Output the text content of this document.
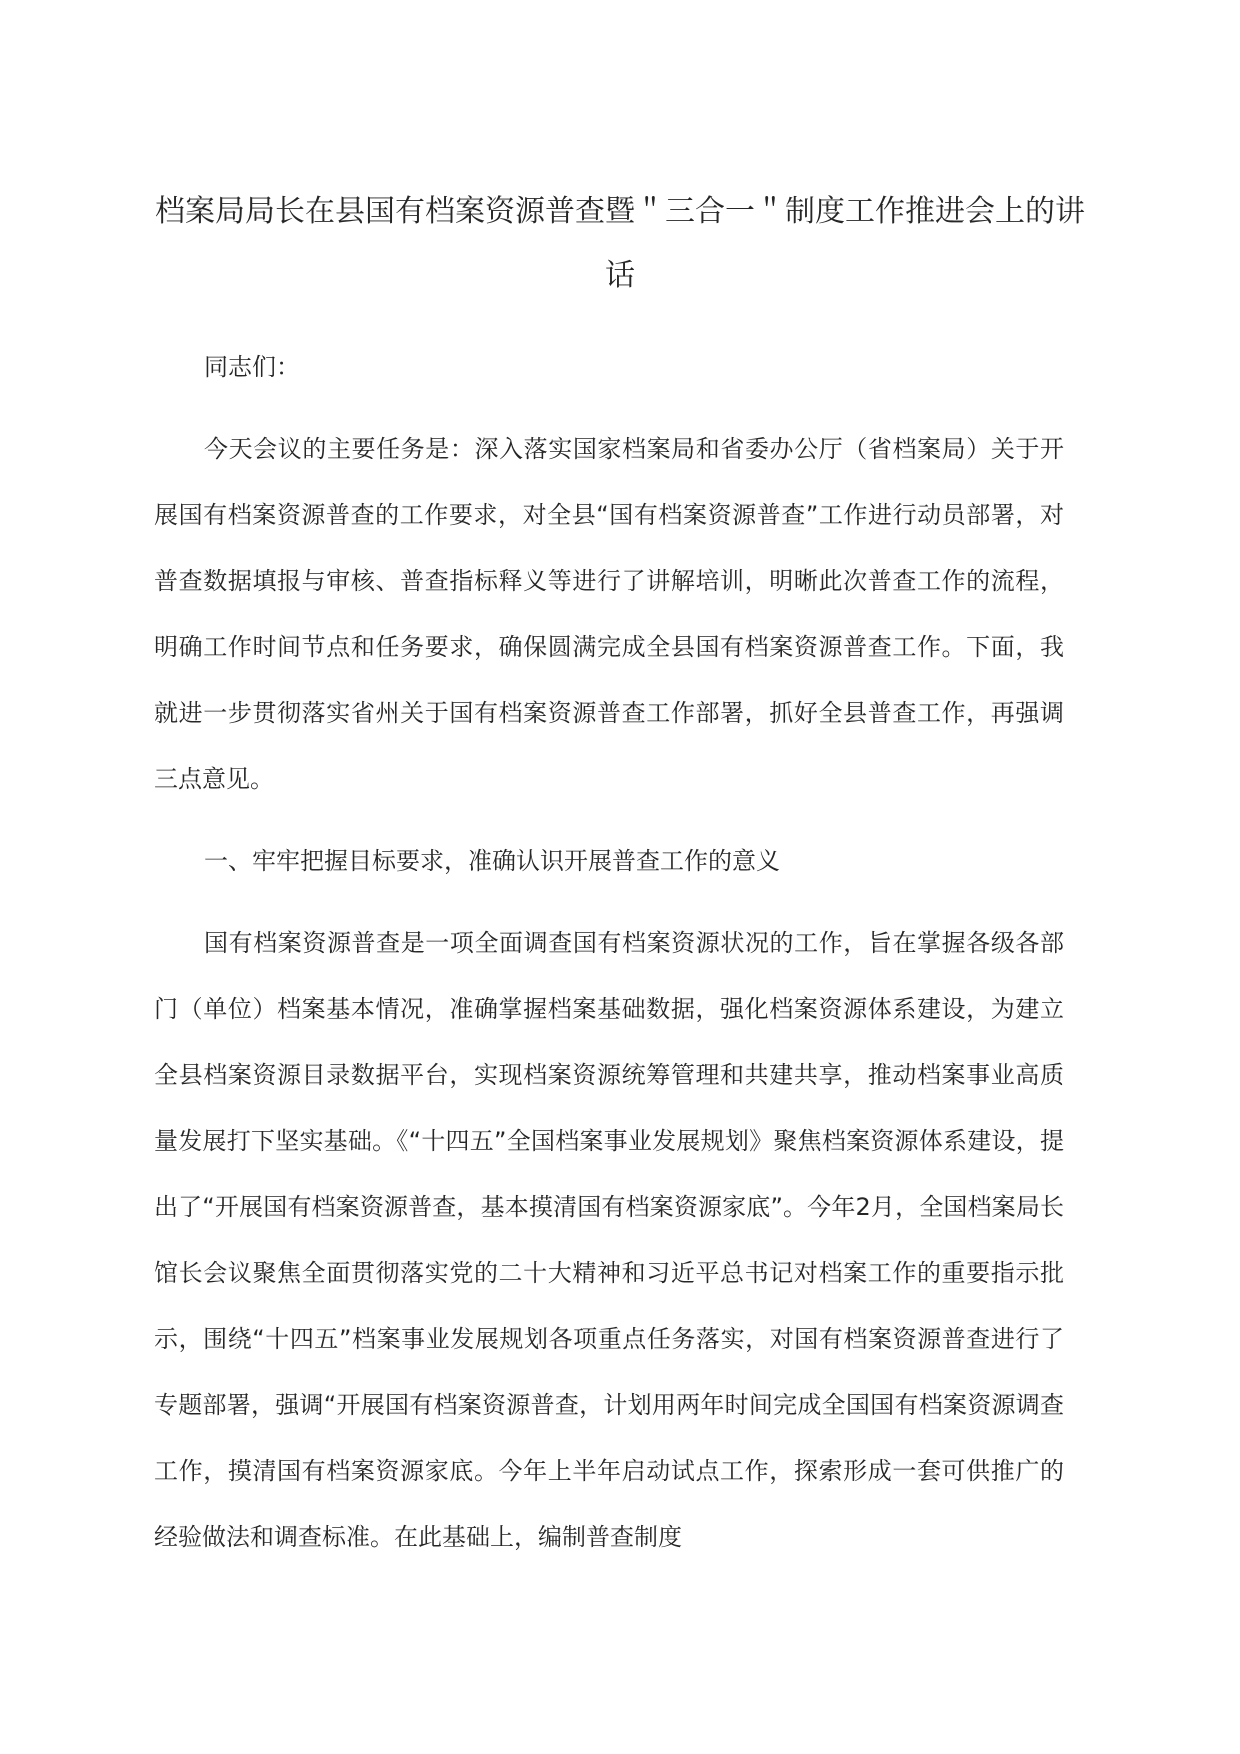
档案局局长在县国有档案资源普查暨＂三合一＂制度工作推进会上的讲话

同志们：

今天会议的主要任务是：深入落实国家档案局和省委办公厅（省档案局）关于开展国有档案资源普查的工作要求，对全县“国有档案资源普查”工作进行动员部署，对普查数据填报与审核、普查指标释义等进行了讲解培训，明晰此次普查工作的流程，明确工作时间节点和任务要求，确保圆满完成全县国有档案资源普查工作。下面，我就进一步贯彻落实省州关于国有档案资源普查工作部署，抓好全县普查工作，再强调三点意见。

一、牢牢把握目标要求，准确认识开展普查工作的意义

国有档案资源普查是一项全面调查国有档案资源状况的工作，旨在掌握各级各部门（单位）档案基本情况，准确掌握档案基础数据，强化档案资源体系建设，为建立全县档案资源目录数据平台，实现档案资源统筹管理和共建共享，推动档案事业高质量发展打下坚实基础。《“十四五”全国档案事业发展规划》聚焦档案资源体系建设，提出了“开展国有档案资源普查，基本摸清国有档案资源家底”。今年2月，全国档案局长馆长会议聚焦全面贯彻落实党的二十大精神和习近平总书记对档案工作的重要指示批示，围绕“十四五”档案事业发展规划各项重点任务落实，对国有档案资源普查进行了专题部署，强调“开展国有档案资源普查，计划用两年时间完成全国国有档案资源调查工作，摸清国有档案资源家底。今年上半年启动试点工作，探索形成一套可供推广的经验做法和调查标准。在此基础上，编制普查制度
